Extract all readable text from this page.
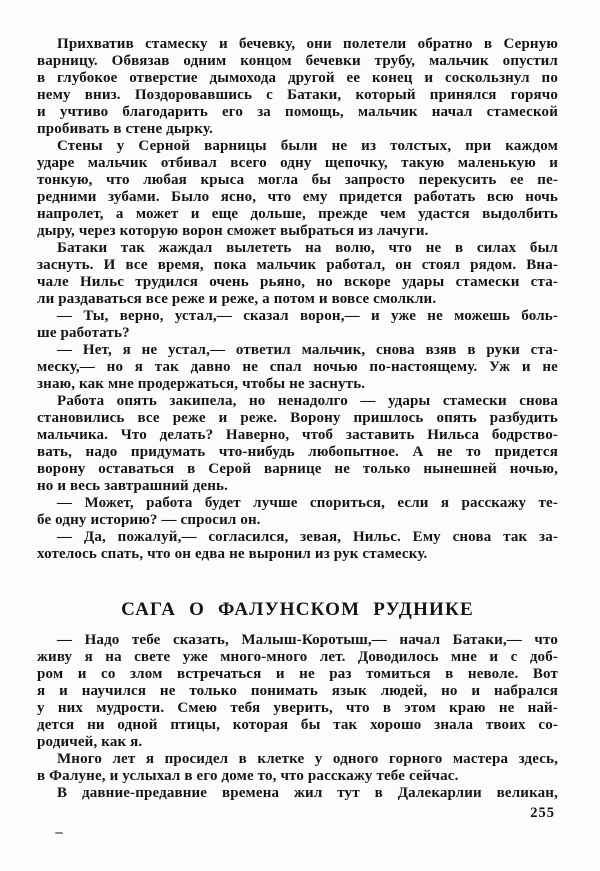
Прихватив стамеску и бечевку, они полетели обратно в Серную
варницу. Обвязав одним концом бечевки трубу, мальчик опустил
в глубокое отверстие дымохода другой ее конец и соскользнул по
нему вниз. Поздоровавшись с Батаки, который принялся горячо
и учтиво благодарить его за помощь, мальчик начал стамеской
пробивать в стене дырку.
Стены у Серной варницы были не из толстых, при каждом
ударе мальчик отбивал всего одну щепочку, такую маленькую и
тонкую, что любая крыса могла бы запросто перекусить ее пе-
редними зубами. Было ясно, что ему придется работать всю ночь
напролет, а может и еще дольше, прежде чем удастся выдолбить
дыру, через которую ворон сможет выбраться из лачуги.
Батаки так жаждал вылететь на волю, что не в силах был
заснуть. И все время, пока мальчик работал, он стоял рядом. Вна-
чале Нильс трудился очень рьяно, но вскоре удары стамески ста-
ли раздаваться все реже и реже, а потом и вовсе смолкли.
— Ты, верно, устал,— сказал ворон,— и уже не можешь боль-
ше работать?
— Нет, я не устал,— ответил мальчик, снова взяв в руки ста-
меску,— но я так давно не спал ночью по-настоящему. Уж и не
знаю, как мне продержаться, чтобы не заснуть.
Работа опять закипела, но ненадолго — удары стамески снова
становились все реже и реже. Ворону пришлось опять разбудить
мальчика. Что делать? Наверно, чтоб заставить Нильса бодрство-
вать, надо придумать что-нибудь любопытное. А не то придется
ворону оставаться в Серой варнице не только нынешней ночью,
но и весь завтрашний день.
— Может, работа будет лучше спориться, если я расскажу те-
бе одну историю? — спросил он.
— Да, пожалуй,— согласился, зевая, Нильс. Ему снова так за-
хотелось спать, что он едва не выронил из рук стамеску.
САГА О ФАЛУНСКОМ РУДНИКЕ
— Надо тебе сказать, Малыш-Коротыш,— начал Батаки,— что
живу я на свете уже много-много лет. Доводилось мне и с доб-
ром и со злом встречаться и не раз томиться в неволе. Вот
я и научился не только понимать язык людей, но и набрался
у них мудрости. Смею тебя уверить, что в этом краю не най-
дется ни одной птицы, которая бы так хорошо знала твоих со-
родичей, как я.
Много лет я просидел в клетке у одного горного мастера здесь,
в Фалуне, и услыхал в его доме то, что расскажу тебе сейчас.
В давние-предавние времена жил тут в Далекарлии великан,
255
